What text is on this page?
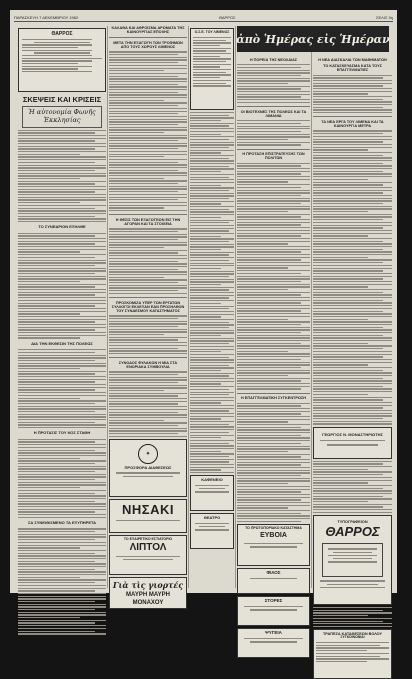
ΠΑΡΑΣΚΕΥΗ 7 ΔΕΚΕΜΒΡΙΟΥ 1962	ΘΑΡΡΟΣ	ΣΕΛΙΣ 3η
ΘΑΡΡΟΣ
ΣΚΕΨΕΙΣ ΚΑΙ ΚΡΙΣΕΙΣ
Ἡ αὐτονομία Φωνῆς Ἐκκλησίας
ΤΟ ΣΥΝΕΔΡΙΟΝ ΕΞΗΛΘΕ
ΔΙΑ ΤΗΝ ΕΚΘΕΣΙΝ ΤΗΣ ΠΟΛΕΩΣ
Η ΠΡΟΤΑΣΙΣ ΤΟΥ ΚΟΣ ΣΤΑΘΗ
ΣΑ ΣΥΝΕΙΘΙΣΜΕΝΟ ΤΑ ΕΞΥΠΗΡΕΤΑ
ΚΑΛΑΘΑ ΚΑΙ ΑΘΡΟΙΣΜΑ ΑΡΩΜΑΤΑ ΤΗΣ ΚΑΙΝΟΥΡΓΙΑΣ ΕΠΟΧΗΣ
ΜΕΤΑ ΤΗΝ ΕΞΑΓΩΓΗ ΤΩΝ ΤΡΟΦΙΜΩΝ ΑΠΟ ΤΟΥΣ ΧΩΡΟΥΣ ΛΙΜΕΝΟΣ
Η ΘΕΣΙΣ ΤΩΝ ΕΞΑΓΩΓΕΩΝ ΕΙΣ ΤΗΝ ΑΓΟΡΑΝ ΚΑΙ ΤΑ ΣΤΟΙΧΕΙΑ
ΠΡΟΣΚΟΜΙΖΑ ΥΠΕΡ ΤΩΝ ΕΡΓΑΤΩΝ ΣΥΛΛΟΓΟΙ ΕΚΛΕΞΑΝ ΕΑΝ ΠΡΟΣΗΛΘΟΝ ΤΟΥ ΣΥΝΔΕΣΜΟΥ ΚΑΤΑΣΤΗΜΑΤΟΣ
ΣΥΝΟΔΟΣ ΦΥΛΑΚΩΝ Η ΜΙΑ ΣΤΑ ΕΝΟΡΙΑΚΑ ΣΥΜΒΟΥΛΙΑ
✦
ΠΡΟΣΦΟΡΑ ΔΙΑΘΕΣΕΩΣ
ΝΗΣΑΚΙ
ΤΟ ΕΞΑΙΡΕΤΙΚΟ ΕΣΤΙΑΤΟΡΙΟ
ΛΙΠΤΟΛ
Γιὰ τὶς γιορτές
ΜΑΥΡΗ ΜΑΥΡΗ ΜΟΝΑΧΟΥ
Ο.Σ.Ε. ΤΟΥ ΛΙΜΕΝΟΣ
ΚΑΦΕΝΕΙΟ
ΘΕΑΤΡΟ
ἀπὸ Ἡμέρας εἰς Ἡμέραν
Η ΠΟΡΕΙΑ ΤΗΣ ΝΕΟΛΑΙΑΣ
ΟΙ ΒΙΟΤΕΧΝΕΣ ΤΗΣ ΠΟΛΕΩΣ ΚΑΙ ΤΑ ΛΙΜΑΝΙΑ
Η ΠΡΟΤΑΣΗ ΕΠΙΣΤΡΑΤΕΥΣΗΣ ΤΩΝ ΠΟΛΙΤΩΝ
Η ΕΠΑΓΓΕΛΜΑΤΙΚΗ ΣΥΓΚΕΝΤΡΩΣΗ
ΤΟ ΠΡΩΤΟΠΟΡΙΑΚΟ ΚΑΤΑΣΤΗΜΑ
ΕΥΒΟΙΑ
ΦΙΛΟΣ
ΣΤΟΡΕΣ
ΨΥΓΕΙΑ
Η ΝΕΑ ΔΙΑΣΚΑΛΙΑ ΤΩΝ ΜΑΘΗΜΑΤΩΝ
ΤΟ ΚΑΤΑΣΚΕΥΑΣΜΑ ΚΑΤΑ ΤΟΥΣ ΕΠΑΓΓΕΛΜΑΤΙΕΣ
ΤΑ ΝΕΑ ΕΡΓΑ ΤΟΥ ΛΙΜΕΝΑ ΚΑΙ ΤΑ ΚΑΙΝΟΥΡΓΙΑ ΜΕΤΡΑ
ΓΕΩΡΓΙΟΣ Ν. ΜΟΝΑΣΤΗΡΙΩΤΗΣ
ΤΥΠΟΓΡΑΦΕΙΟΝ
ΘΑΡΡΟΣ
ΤΡΑΠΕΖΑ ΚΑΤΑΘΕΣΕΩΝ ΒΟΛΟΥ
ΣΥΓΚΟΙΝΩΝΙΑΙ
